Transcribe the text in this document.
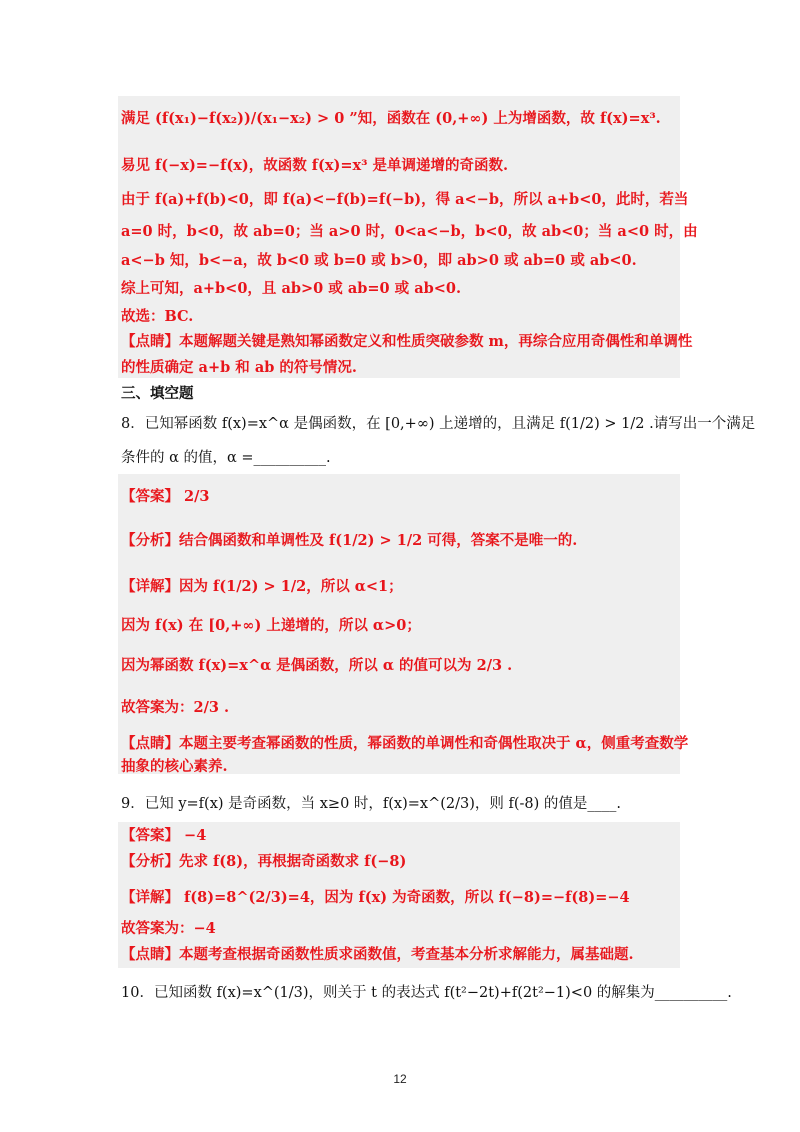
满足 (f(x₁)−f(x₂))/(x₁−x₂) > 0 ”知，函数在 (0,+∞) 上为增函数，故 f(x)=x³.
易见 f(−x)=−f(x)，故函数 f(x)=x³ 是单调递增的奇函数.
由于 f(a)+f(b)<0，即 f(a)<−f(b)=f(−b)，得 a<−b，所以 a+b<0，此时，若当
a=0 时，b<0，故 ab=0；当 a>0 时，0<a<−b，b<0，故 ab<0；当 a<0 时，由
a<−b 知，b<−a，故 b<0 或 b=0 或 b>0，即 ab>0 或 ab=0 或 ab<0.
综上可知，a+b<0，且 ab>0 或 ab=0 或 ab<0.
故选：BC.
【点睛】本题解题关键是熟知幂函数定义和性质突破参数 m，再综合应用奇偶性和单调性
的性质确定 a+b 和 ab 的符号情况.
三、填空题
8．已知幂函数 f(x)=x^α 是偶函数，在 [0,+∞) 上递增的，且满足 f(1/2) > 1/2 .请写出一个满足
条件的 α 的值，α =__________.
【答案】 2/3
【分析】结合偶函数和单调性及 f(1/2) > 1/2 可得，答案不是唯一的.
【详解】因为 f(1/2) > 1/2，所以 α<1；
因为 f(x) 在 [0,+∞) 上递增的，所以 α>0；
因为幂函数 f(x)=x^α 是偶函数，所以 α 的值可以为 2/3 .
故答案为：2/3 .
【点睛】本题主要考查幂函数的性质，幂函数的单调性和奇偶性取决于 α，侧重考查数学
抽象的核心素养.
9．已知 y=f(x) 是奇函数，当 x≥0 时，f(x)=x^(2/3)，则 f(-8) 的值是____.
【答案】 −4
【分析】先求 f(8)，再根据奇函数求 f(−8)
【详解】 f(8)=8^(2/3)=4，因为 f(x) 为奇函数，所以 f(−8)=−f(8)=−4
故答案为：−4
【点睛】本题考查根据奇函数性质求函数值，考查基本分析求解能力，属基础题.
10．已知函数 f(x)=x^(1/3)，则关于 t 的表达式 f(t²−2t)+f(2t²−1)<0 的解集为__________.
12
